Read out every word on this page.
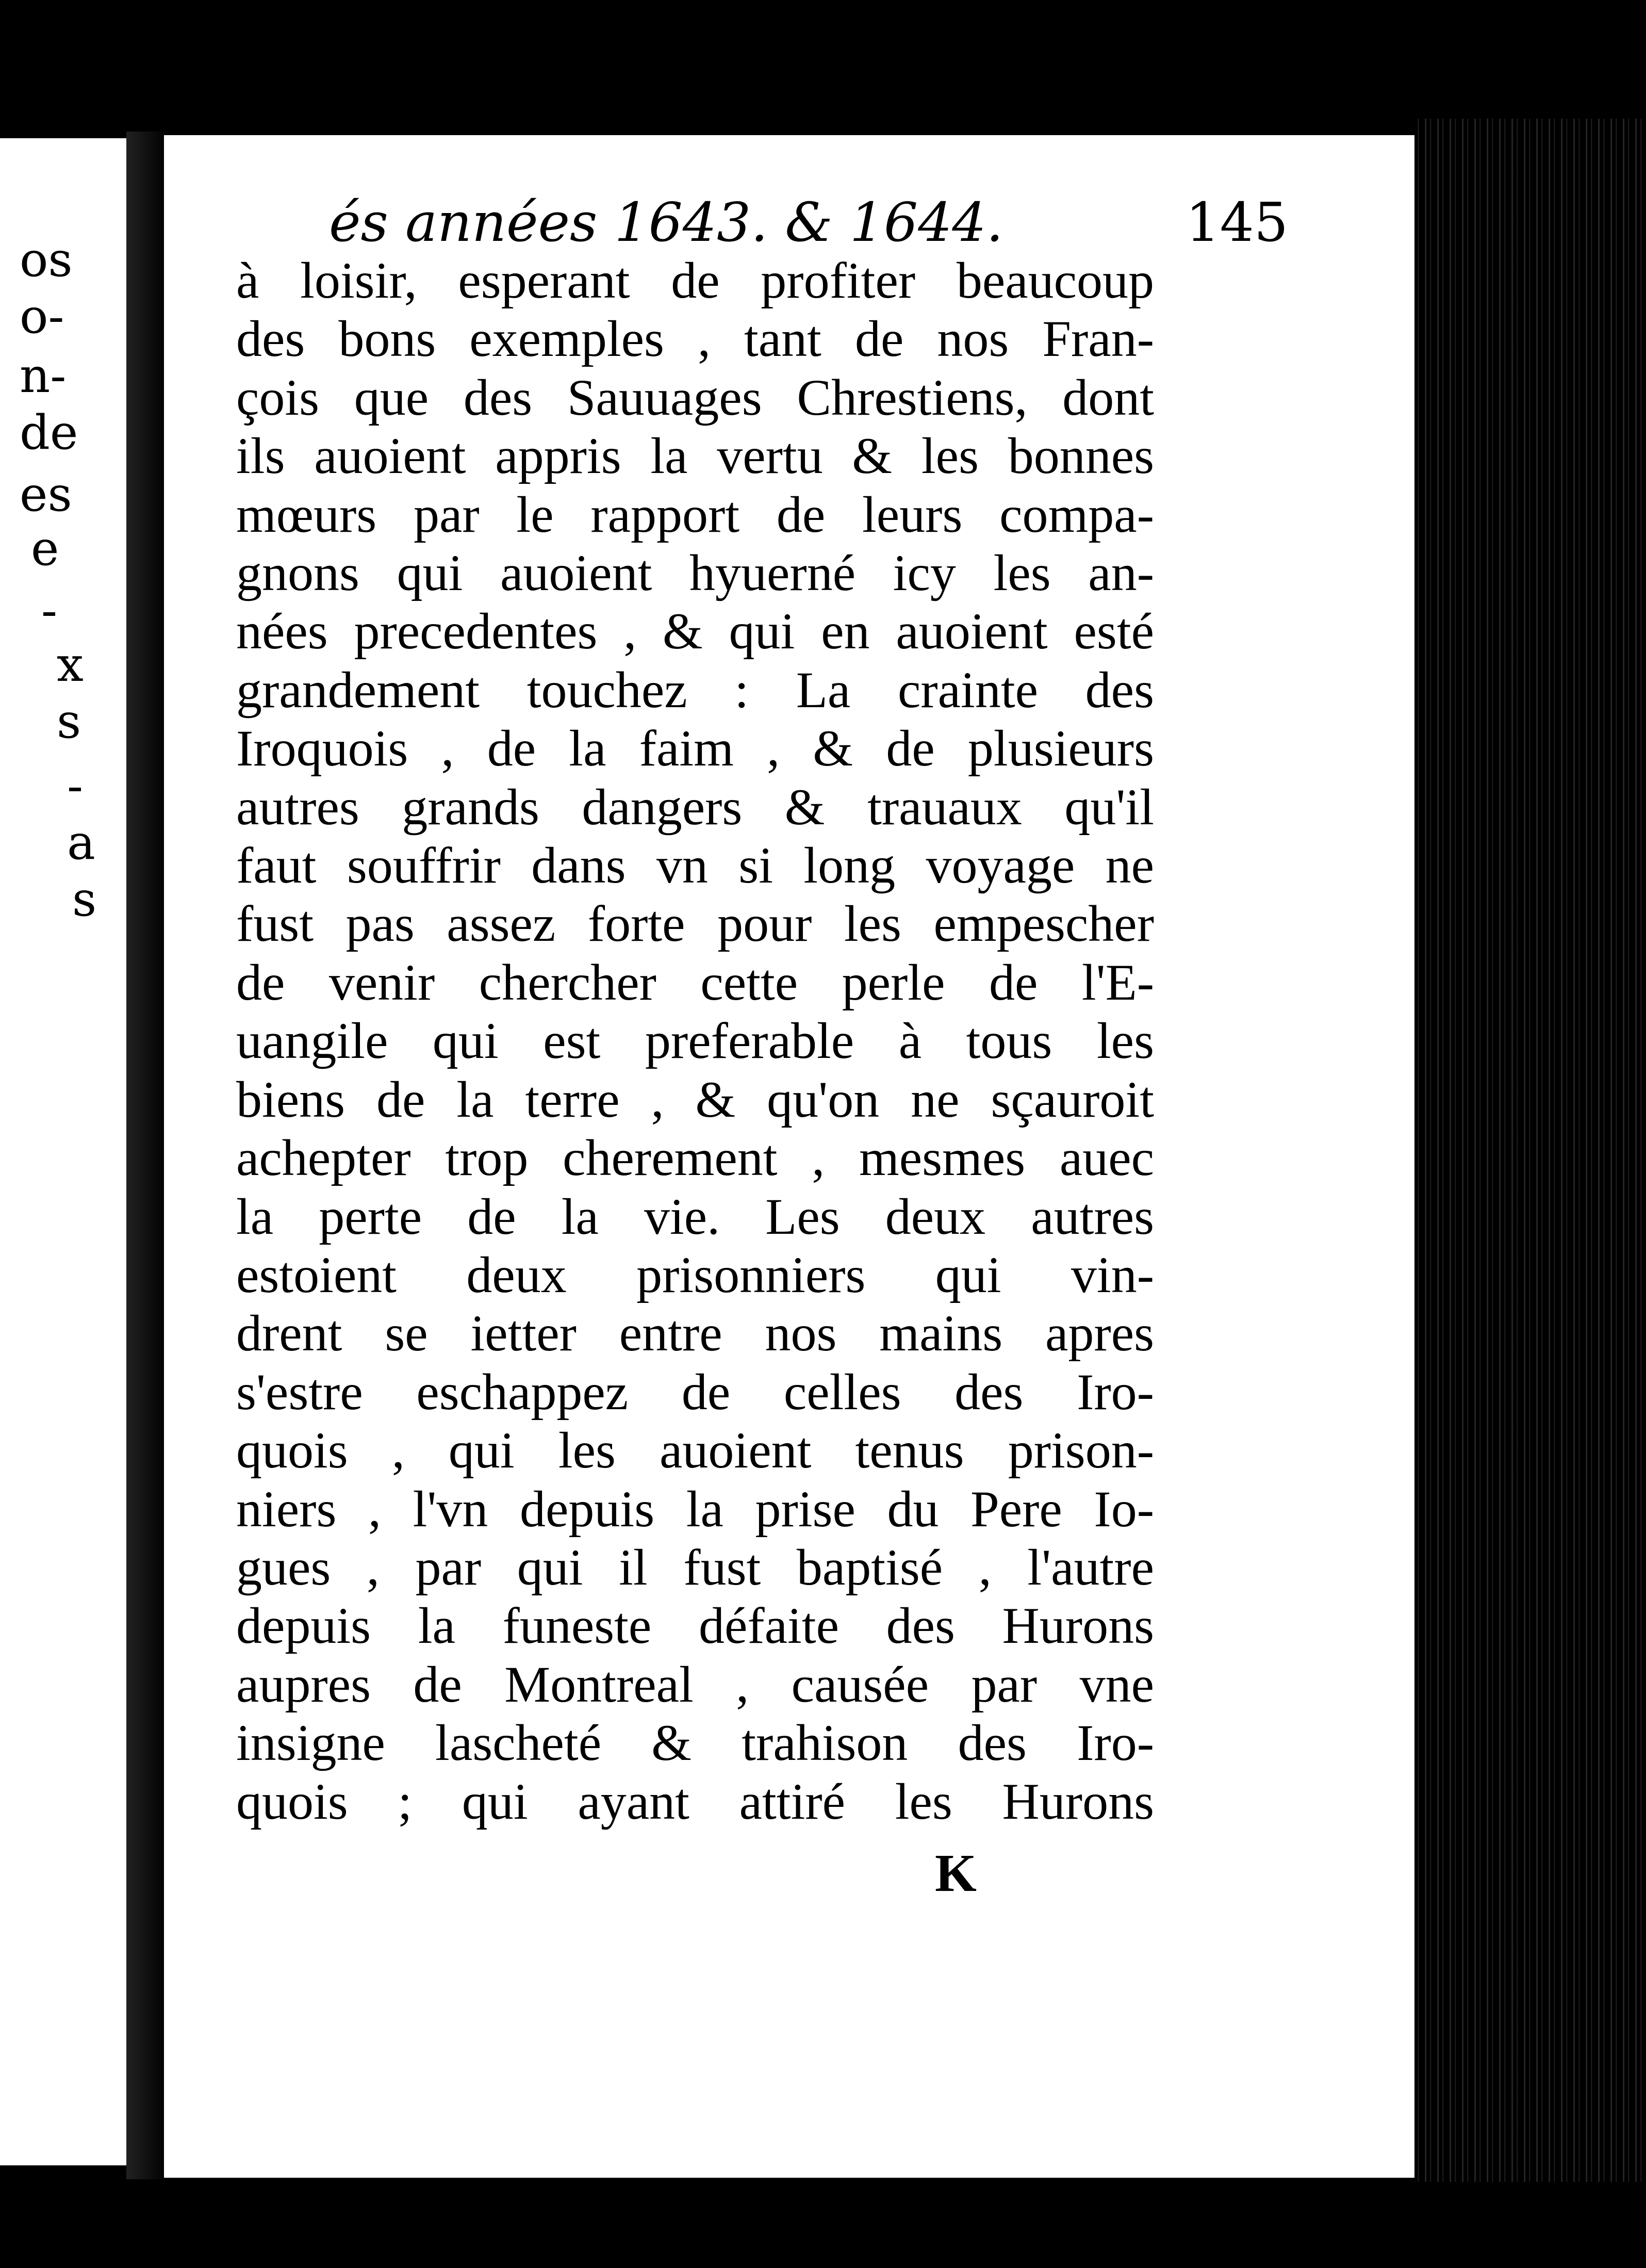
os
o-
n-
de
es
e
-
x
s
-
a
s
és années 1643. & 1644.	145
à loisir, esperant de profiter beaucoup
des bons exemples , tant de nos Fran-
çois que des Sauuages Chrestiens, dont
ils auoient appris la vertu & les bonnes
mœurs par le rapport de leurs compa-
gnons qui auoient hyuerné icy les an-
nées precedentes , & qui en auoient esté
grandement touchez : La crainte des
Iroquois , de la faim , & de plusieurs
autres grands dangers & trauaux qu'il
faut souffrir dans vn si long voyage ne
fust pas assez forte pour les empescher
de venir chercher cette perle de l'E-
uangile qui est preferable à tous les
biens de la terre , & qu'on ne sçauroit
achepter trop cherement , mesmes auec
la perte de la vie. Les deux autres
estoient deux prisonniers qui vin-
drent se ietter entre nos mains apres
s'estre eschappez de celles des Iro-
quois , qui les auoient tenus prison-
niers , l'vn depuis la prise du Pere Io-
gues , par qui il fust baptisé , l'autre
depuis la funeste défaite des Hurons
aupres de Montreal , causée par vne
insigne lascheté & trahison des Iro-
quois ; qui ayant attiré les Hurons
K
